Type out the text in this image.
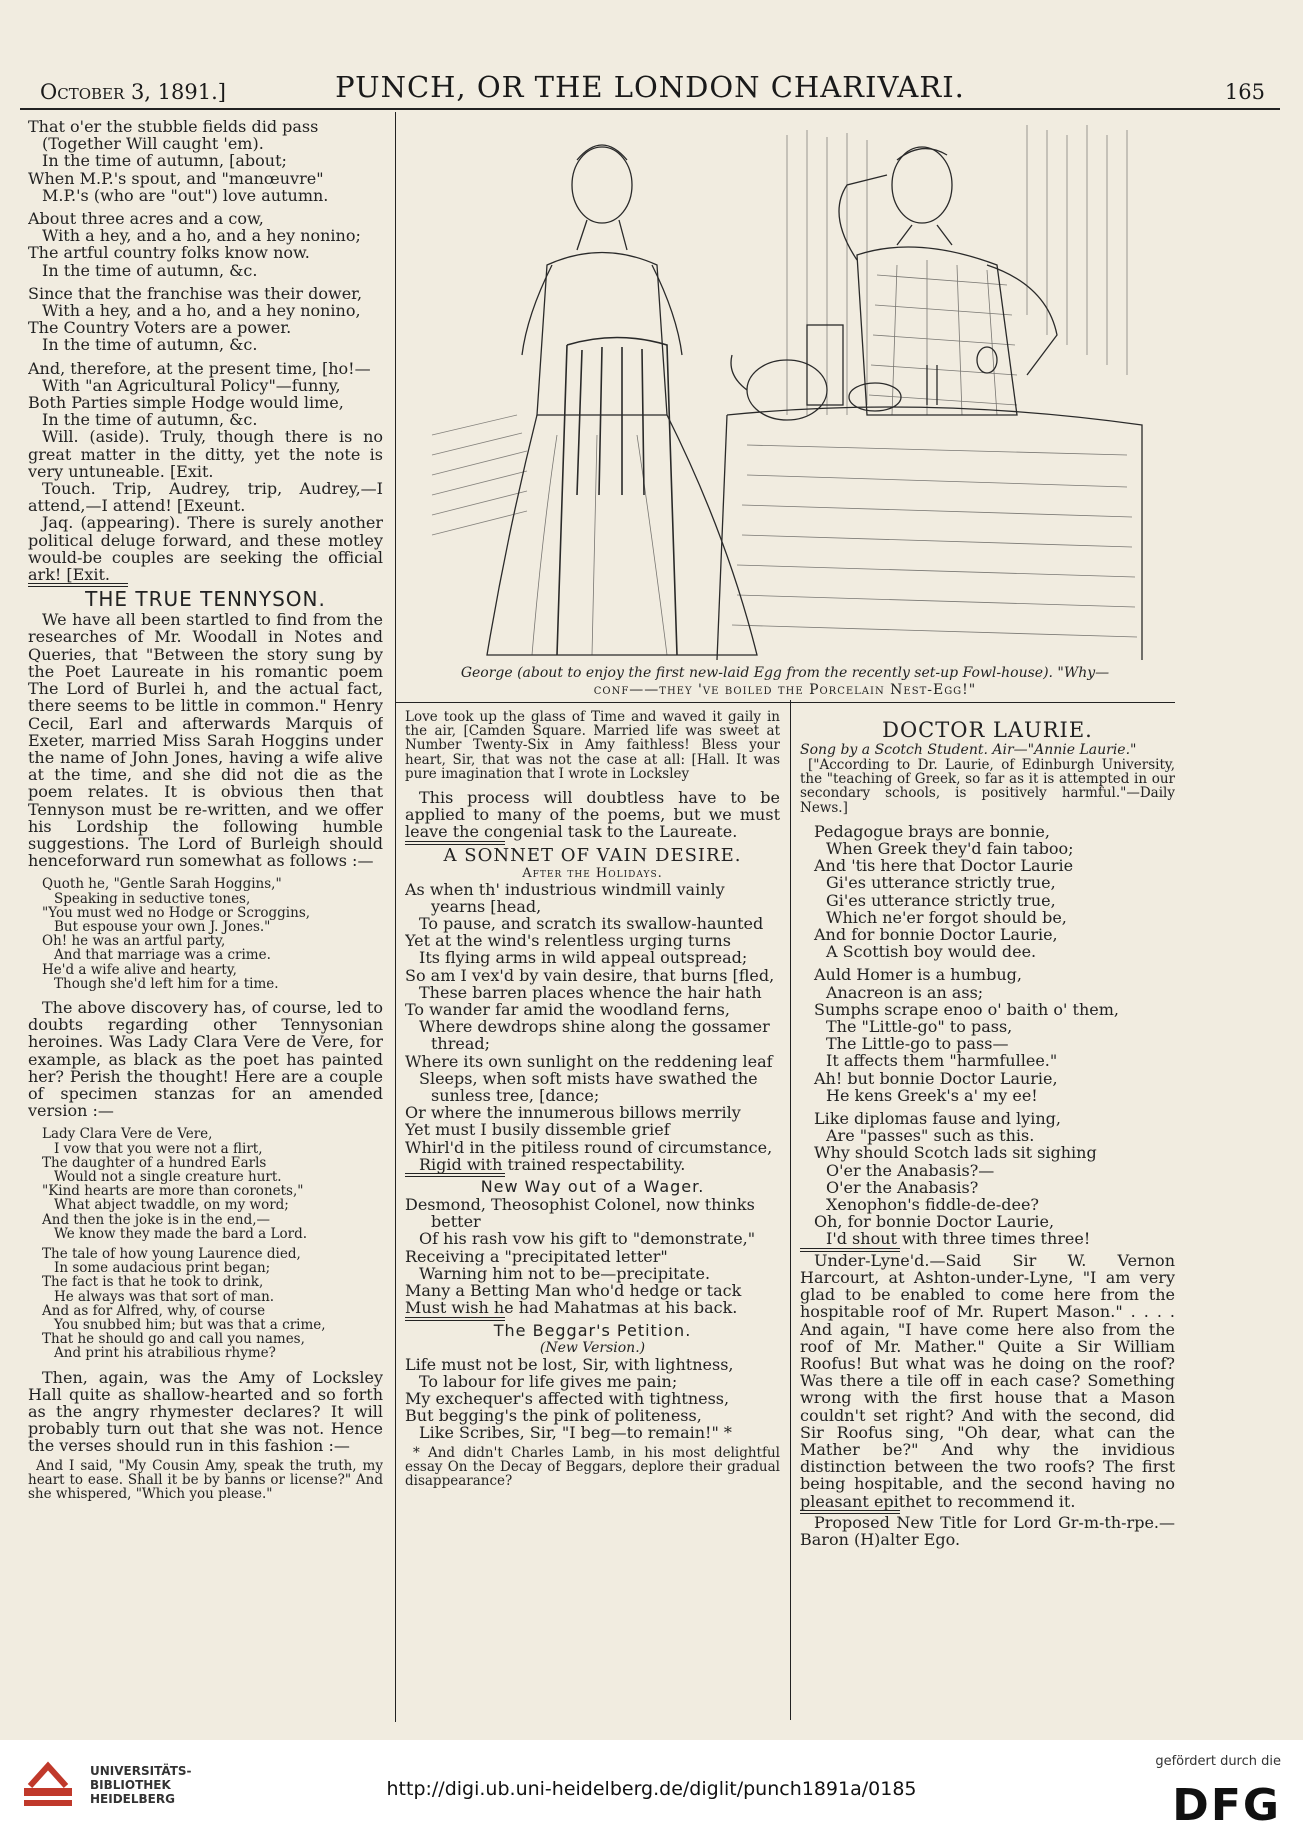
PUNCH, OR THE LONDON CHARIVARI.
October 3, 1891.]	165
That o'er the stubble fields did pass
(Together Will caught 'em).
In the time of autumn, [about;
When M.P.'s spout, and "manœuvre"
M.P.'s (who are "out") love autumn.
About three acres and a cow,
With a hey, and a ho, and a hey nonino;
The artful country folks know now.
In the time of autumn, &c.
Since that the franchise was their dower,
With a hey, and a ho, and a hey nonino,
The Country Voters are a power.
In the time of autumn, &c.
And, therefore, at the present time, [ho!—
With "an Agricultural Policy"—funny,
Both Parties simple Hodge would lime,
In the time of autumn, &c.

Will. (aside). Truly, though there is no great matter in the ditty, yet the note is very untuneable. [Exit.

Touch. Trip, Audrey, trip, Audrey,—I attend,—I attend! [Exeunt.

Jaq. (appearing). There is surely another political deluge forward, and these motley would-be couples are seeking the official ark! [Exit.

THE TRUE TENNYSON.

We have all been startled to find from the researches of Mr. Woodall in Notes and Queries, that "Between the story sung by the Poet Laureate in his romantic poem The Lord of Burlei h, and the actual fact, there seems to be little in common." Henry Cecil, Earl and afterwards Marquis of Exeter, married Miss Sarah Hoggins under the name of John Jones, having a wife alive at the time, and she did not die as the poem relates. It is obvious then that Tennyson must be re-written, and we offer his Lordship the following humble suggestions. The Lord of Burleigh should henceforward run somewhat as follows :—

Quoth he, "Gentle Sarah Hoggins,"
Speaking in seductive tones,
"You must wed no Hodge or Scroggins,
But espouse your own J. Jones."
Oh! he was an artful party,
And that marriage was a crime.
He'd a wife alive and hearty,
Though she'd left him for a time.

The above discovery has, of course, led to doubts regarding other Tennysonian heroines. Was Lady Clara Vere de Vere, for example, as black as the poet has painted her? Perish the thought! Here are a couple of specimen stanzas for an amended version :—

Lady Clara Vere de Vere,
I vow that you were not a flirt,
The daughter of a hundred Earls
Would not a single creature hurt.
"Kind hearts are more than coronets,"
What abject twaddle, on my word;
And then the joke is in the end,—
We know they made the bard a Lord.
The tale of how young Laurence died,
In some audacious print began;
The fact is that he took to drink,
He always was that sort of man.
And as for Alfred, why, of course
You snubbed him; but was that a crime,
That he should go and call you names,
And print his atrabilious rhyme?

Then, again, was the Amy of Locksley Hall quite as shallow-hearted and so forth as the angry rhymester declares? It will probably turn out that she was not. Hence the verses should run in this fashion :—

And I said, "My Cousin Amy, speak the truth, my heart to ease. Shall it be by banns or license?" And she whispered, "Which you please."

George (about to enjoy the first new-laid Egg from the recently set-up Fowl-house). "Why—
conf——they 've boiled the Porcelain Nest-Egg!"

Love took up the glass of Time and waved it gaily in the air, [Camden Square. Married life was sweet at Number Twenty-Six in Amy faithless! Bless your heart, Sir, that was not the case at all: [Hall. It was pure imagination that I wrote in Locksley

This process will doubtless have to be applied to many of the poems, but we must leave the congenial task to the Laureate.

A SONNET OF VAIN DESIRE.
After the Holidays.
As when th' industrious windmill vainly
yearns [head,
To pause, and scratch its swallow-haunted
Yet at the wind's relentless urging turns
Its flying arms in wild appeal outspread;
So am I vex'd by vain desire, that burns [fled,
These barren places whence the hair hath
To wander far amid the woodland ferns,
Where dewdrops shine along the gossamer
thread;
Where its own sunlight on the reddening leaf
Sleeps, when soft mists have swathed the
sunless tree, [dance;
Or where the innumerous billows merrily
Yet must I busily dissemble grief
Whirl'd in the pitiless round of circumstance,
Rigid with trained respectability.
New Way out of a Wager.
Desmond, Theosophist Colonel, now thinks
better
Of his rash vow his gift to "demonstrate,"
Receiving a "precipitated letter"
Warning him not to be—precipitate.
Many a Betting Man who'd hedge or tack
Must wish he had Mahatmas at his back.
The Beggar's Petition.
(New Version.)
Life must not be lost, Sir, with lightness,
To labour for life gives me pain;
My exchequer's affected with tightness,
But begging's the pink of politeness,
Like Scribes, Sir, "I beg—to remain!" *

* And didn't Charles Lamb, in his most delightful essay On the Decay of Beggars, deplore their gradual disappearance?

DOCTOR LAURIE.
Song by a Scotch Student. Air—"Annie Laurie."

["According to Dr. Laurie, of Edinburgh University, the "teaching of Greek, so far as it is attempted in our secondary schools, is positively harmful."—Daily News.]

Pedagogue brays are bonnie,
When Greek they'd fain taboo;
And 'tis here that Doctor Laurie
Gi'es utterance strictly true,
Gi'es utterance strictly true,
Which ne'er forgot should be,
And for bonnie Doctor Laurie,
A Scottish boy would dee.
Auld Homer is a humbug,
Anacreon is an ass;
Sumphs scrape enoo o' baith o' them,
The "Little-go" to pass,
The Little-go to pass—
It affects them "harmfullee."
Ah! but bonnie Doctor Laurie,
He kens Greek's a' my ee!
Like diplomas fause and lying,
Are "passes" such as this.
Why should Scotch lads sit sighing
O'er the Anabasis?—
O'er the Anabasis?
Xenophon's fiddle-de-dee?
Oh, for bonnie Doctor Laurie,
I'd shout with three times three!

Under-Lyne'd.—Said Sir W. Vernon Harcourt, at Ashton-under-Lyne, "I am very glad to be enabled to come here from the hospitable roof of Mr. Rupert Mason." . . . . And again, "I have come here also from the roof of Mr. Mather." Quite a Sir William Roofus! But what was he doing on the roof? Was there a tile off in each case? Something wrong with the first house that a Mason couldn't set right? And with the second, did Sir Roofus sing, "Oh dear, what can the Mather be?" And why the invidious distinction between the two roofs? The first being hospitable, and the second having no pleasant epithet to recommend it.

Proposed New Title for Lord Gr-m-th-rpe.—Baron (H)alter Ego.

UNIVERSITÄTS-
BIBLIOTHEK
HEIDELBERG	http://digi.ub.uni-heidelberg.de/diglit/punch1891a/0185
gefördert durch die
DFG
